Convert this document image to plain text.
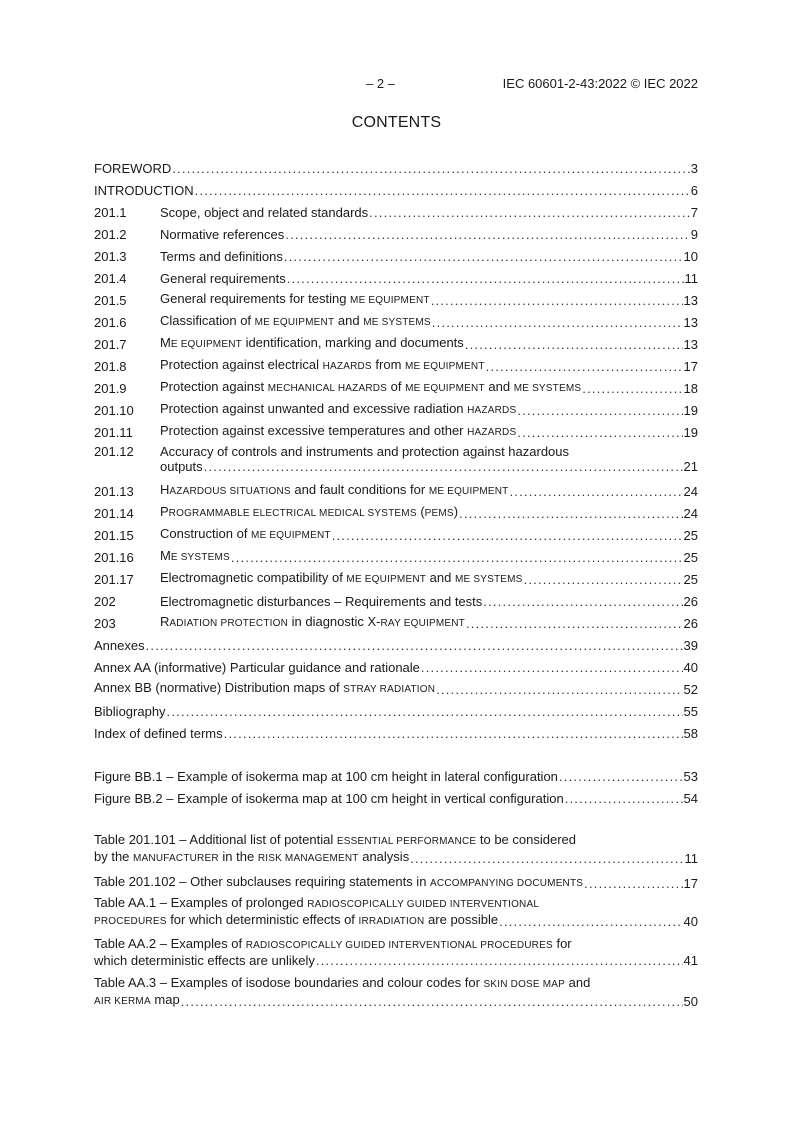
– 2 –	IEC 60601-2-43:2022 © IEC 2022
CONTENTS
FOREWORD .....	3
INTRODUCTION .....	6
201.1	Scope, object and related standards .....	7
201.2	Normative references .....	9
201.3	Terms and definitions .....	10
201.4	General requirements .....	11
201.5	General requirements for testing ME EQUIPMENT .....	13
201.6	Classification of ME EQUIPMENT and ME SYSTEMS .....	13
201.7	ME EQUIPMENT identification, marking and documents .....	13
201.8	Protection against electrical HAZARDS from ME EQUIPMENT .....	17
201.9	Protection against MECHANICAL HAZARDS of ME EQUIPMENT and ME SYSTEMS .....	18
201.10	Protection against unwanted and excessive radiation HAZARDS .....	19
201.11	Protection against excessive temperatures and other HAZARDS .....	19
201.12	Accuracy of controls and instruments and protection against hazardous
outputs .....	21
201.13	HAZARDOUS SITUATIONS and fault conditions for ME EQUIPMENT .....	24
201.14	PROGRAMMABLE ELECTRICAL MEDICAL SYSTEMS (PEMS) .....	24
201.15	Construction of ME EQUIPMENT .....	25
201.16	ME SYSTEMS .....	25
201.17	Electromagnetic compatibility of ME EQUIPMENT and ME SYSTEMS .....	25
202	Electromagnetic disturbances – Requirements and tests .....	26
203	RADIATION PROTECTION in diagnostic X-RAY EQUIPMENT .....	26
Annexes .....	39
Annex AA (informative) Particular guidance and rationale .....	40
Annex BB (normative) Distribution maps of STRAY RADIATION .....	52
Bibliography .....	55
Index of defined terms .....	58
Figure BB.1 – Example of isokerma map at 100 cm height in lateral configuration .....	53
Figure BB.2 – Example of isokerma map at 100 cm height in vertical configuration .....	54
Table 201.101 – Additional list of potential ESSENTIAL PERFORMANCE to be considered
by the MANUFACTURER in the RISK MANAGEMENT analysis .....	11
Table 201.102 – Other subclauses requiring statements in ACCOMPANYING DOCUMENTS .....	17
Table AA.1 – Examples of prolonged RADIOSCOPICALLY GUIDED INTERVENTIONAL
PROCEDURES for which deterministic effects of IRRADIATION are possible .....	40
Table AA.2 – Examples of RADIOSCOPICALLY GUIDED INTERVENTIONAL PROCEDURES for
which deterministic effects are unlikely .....	41
Table AA.3 – Examples of isodose boundaries and colour codes for SKIN DOSE MAP and
AIR KERMA map .....	50
